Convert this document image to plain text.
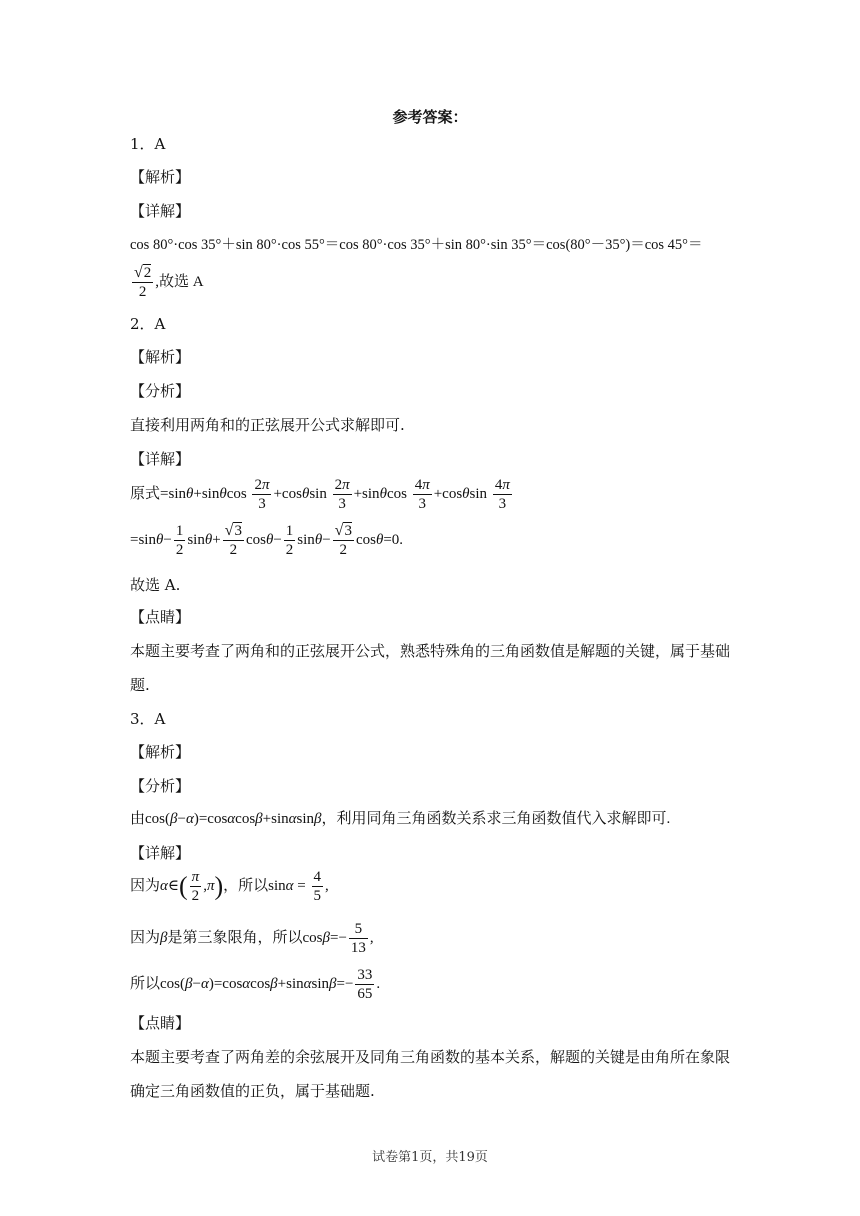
参考答案：
1．A
【解析】
【详解】
cos 80°·cos 35°＋sin 80°·cos 55°＝cos 80°·cos 35°＋sin 80°·sin 35°＝cos(80°－35°)＝cos 45°＝
$\frac{√2}{2}$ ,故选 A
2．A
【解析】
【分析】
直接利用两角和的正弦展开公式求解即可.
【详解】
原式$=\sin\theta+\sin\theta\cos \frac{2\pi}{3} +\cos\theta\sin \frac{2\pi}{3} +\sin\theta\cos \frac{4\pi}{3} +\cos\theta\sin \frac{4\pi}{3}$
$=\sin\theta- \frac{1}{2} \sin\theta+ \frac{√3}{2} \cos\theta- \frac{1}{2} \sin\theta- \frac{√3}{2} \cos\theta=0$.
故选 A.
【点睛】
本题主要考查了两角和的正弦展开公式，熟悉特殊角的三角函数值是解题的关键，属于基础
题.
3．A
【解析】
【分析】
由cos(β−α)=cosαcosβ+sinαsinβ，利用同角三角函数关系求三角函数值代入求解即可.
【详解】
因为α∈( $\frac{\pi}{2} ,\pi$)，所以$\sin\alpha = \frac{4}{5}$ ,
因为β是第三象限角，所以$\cos\beta=- \frac{5}{13}$ ,
所以$\cos(\beta-\alpha)=\cos\alpha\cos\beta+\sin\alpha\sin\beta=- \frac{33}{65}$ .
【点睛】
本题主要考查了两角差的余弦展开及同角三角函数的基本关系，解题的关键是由角所在象限
确定三角函数值的正负，属于基础题.
试卷第1页，共19页
